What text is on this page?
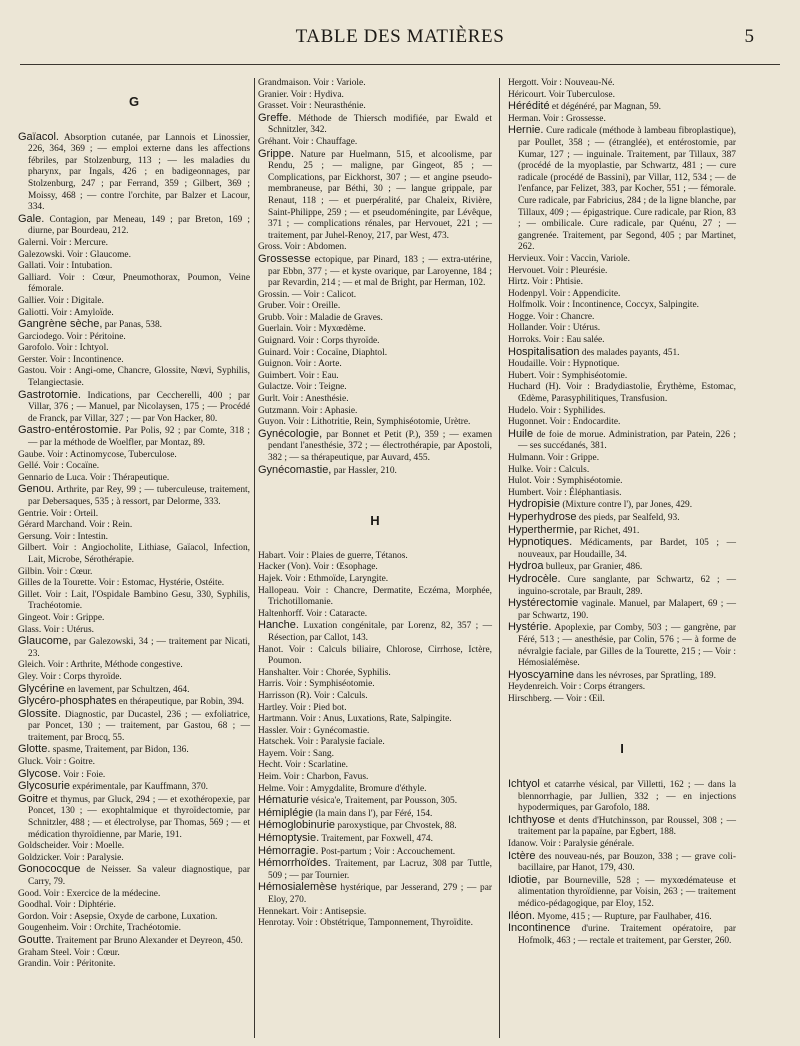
TABLE DES MATIÈRES	5
G

Gaïacol. Absorption cutanée, par Lannois et Linossier, 226, 364, 369 ; — emploi externe dans les affections fébriles, par Stolzenburg, 113 ; — les maladies du pharynx, par Ingals, 426 ; en badigeonnages, par Stolzenburg, 247 ; par Ferrand, 359 ; Gilbert, 369 ; Moissy, 468 ; — contre l'orchite, par Balzer et Lacour, 334.

Gale. Contagion, par Meneau, 149 ; par Breton, 169 ; diurne, par Bourdeau, 212.

Galerni. Voir : Mercure.

Galezowski. Voir : Glaucome.

Gallati. Voir : Intubation.

Galliard. Voir : Cœur, Pneumothorax, Poumon, Veine fémorale.

Gallier. Voir : Digitale.

Galiotti. Voir : Amyloïde.

Gangrène sèche, par Panas, 538.

Garciodego. Voir : Péritoine.

Garofolo. Voir : Ichtyol.

Gerster. Voir : Incontinence.

Gastou. Voir : Angi-ome, Chancre, Glossite, Nœvi, Syphilis, Telangiectasie.

Gastrotomie. Indications, par Ceccherelli, 400 ; par Villar, 376 ; — Manuel, par Nicolaysen, 175 ; — Procédé de Franck, par Villar, 327 ; — par Von Hacker, 80.

Gastro-entérostomie. Par Polis, 92 ; par Comte, 318 ; — par la méthode de Woelfler, par Montaz, 89.

Gaube. Voir : Actinomycose, Tuberculose.

Gellé. Voir : Cocaïne.

Gennario de Luca. Voir : Thérapeutique.

Genou. Arthrite, par Rey, 99 ; — tuberculeuse, traitement, par Debersaques, 535 ; à ressort, par Delorme, 333.

Gentrie. Voir : Orteil.

Gérard Marchand. Voir : Rein.

Gersung. Voir : Intestin.

Gilbert. Voir : Angiocholite, Lithiase, Gaïacol, Infection, Lait, Microbe, Sérothérapie.

Gilbin. Voir : Cœur.

Gilles de la Tourette. Voir : Estomac, Hystérie, Ostéite.

Gillet. Voir : Lait, l'Ospidale Bambino Gesu, 330, Syphilis, Trachéotomie.

Gingeot. Voir : Grippe.

Glass. Voir : Utérus.

Glaucome, par Galezowski, 34 ; — traitement par Nicati, 23.

Gleich. Voir : Arthrite, Méthode congestive.

Gley. Voir : Corps thyroïde.

Glycérine en lavement, par Schultzen, 464.

Glycéro-phosphates en thérapeutique, par Robin, 394.

Glossite. Diagnostic, par Ducastel, 236 ; — exfoliatrice, par Poncet, 130 ; — traitement, par Gastou, 68 ; — traitement, par Brocq, 55.

Glotte. spasme, Traitement, par Bidon, 136.

Gluck. Voir : Goitre.

Glycose. Voir : Foie.

Glycosurie expérimentale, par Kauffmann, 370.

Goitre et thymus, par Gluck, 294 ; — et exothéropexie, par Poncet, 130 ; — exophtalmique et thyroïdectomie, par Schnitzler, 488 ; — et électrolyse, par Thomas, 569 ; — et médication thyroïdienne, par Marie, 191.

Goldscheider. Voir : Moelle.

Goldzicker. Voir : Paralysie.

Gonococque de Neisser. Sa valeur diagnostique, par Carry, 79.

Good. Voir : Exercice de la médecine.

Goodhal. Voir : Diphtérie.

Gordon. Voir : Asepsie, Oxyde de carbone, Luxation.

Gougenheim. Voir : Orchite, Trachéotomie.

Goutte. Traitement par Bruno Alexander et Deyreon, 450.

Graham Steel. Voir : Cœur.

Grandin. Voir : Péritonite.

Grandmaison. Voir : Variole.

Granier. Voir : Hydiva.

Grasset. Voir : Neurasthénie.

Greffe. Méthode de Thiersch modifiée, par Ewald et Schnitzler, 342.

Gréhant. Voir : Chauffage.

Grippe. Nature par Huelmann, 515, et alcoolisme, par Rendu, 25 ; — maligne, par Gingeot, 85 ; — Complications, par Eickhorst, 307 ; — et angine pseudo-membraneuse, par Béthi, 30 ; — langue grippale, par Renaut, 118 ; — et puerpéralité, par Chaleix, Rivière, Saint-Philippe, 259 ; — et pseudoméningite, par Lévêque, 371 ; — complications rénales, par Hervouet, 221 ; — traitement, par Juhel-Renoy, 217, par West, 473.

Gross. Voir : Abdomen.

Grossesse ectopique, par Pinard, 183 ; — extra-utérine, par Ebbn, 377 ; — et kyste ovarique, par Laroyenne, 184 ; par Revardin, 214 ; — et mal de Bright, par Herman, 102.

Grossin. — Voir : Calicot.

Gruber. Voir : Oreille.

Grubb. Voir : Maladie de Graves.

Guerlain. Voir : Myxœdème.

Guignard. Voir : Corps thyroïde.

Guinard. Voir : Cocaïne, Diaphtol.

Guignon. Voir : Aorte.

Guimbert. Voir : Eau.

Gulactze. Voir : Teigne.

Gurlt. Voir : Anesthésie.

Gutzmann. Voir : Aphasie.

Guyon. Voir : Lithotritie, Rein, Symphiséotomie, Urètre.

Gynécologie, par Bonnet et Petit (P.), 359 ; — examen pendant l'anesthésie, 372 ; — électrothérapie, par Apostoli, 382 ; — sa thérapeutique, par Auvard, 455.

Gynécomastie, par Hassler, 210.

H

Habart. Voir : Plaies de guerre, Tétanos.

Hacker (Von). Voir : Œsophage.

Hajek. Voir : Ethmoïde, Laryngite.

Hallopeau. Voir : Chancre, Dermatite, Eczéma, Morphée, Trichotillomanie.

Haltenhorff. Voir : Cataracte.

Hanche. Luxation congénitale, par Lorenz, 82, 357 ; — Résection, par Callot, 143.

Hanot. Voir : Calculs biliaire, Chlorose, Cirrhose, Ictère, Poumon.

Hanshalter. Voir : Chorée, Syphilis.

Harris. Voir : Symphiséotomie.

Harrisson (R). Voir : Calculs.

Hartley. Voir : Pied bot.

Hartmann. Voir : Anus, Luxations, Rate, Salpingite.

Hassler. Voir : Gynécomastie.

Hatschek. Voir : Paralysie faciale.

Hayem. Voir : Sang.

Hecht. Voir : Scarlatine.

Heim. Voir : Charbon, Favus.

Helme. Voir : Amygdalite, Bromure d'éthyle.

Hématurie vésica'e, Traitement, par Pousson, 305.

Hémiplégie (la main dans l'), par Féré, 154.

Hémoglobinurie paroxystique, par Chvostek, 88.

Hémoptysie. Traitement, par Foxwell, 474.

Hémorragie. Post-partum ; Voir : Accouchement.

Hémorrhoïdes. Traitement, par Lacruz, 308 par Tuttle, 509 ; — par Tournier.

Hémosialemèse hystérique, par Jesserand, 279 ; — par Eloy, 270.

Hennekart. Voir : Antisepsie.

Henrotay. Voir : Obstétrique, Tamponnement, Thyroïdite.

Hergott. Voir : Nouveau-Né.

Héricourt. Voir Tuberculose.

Hérédité et dégénéré, par Magnan, 59.

Herman. Voir : Grossesse.

Hernie. Cure radicale (méthode à lambeau fibroplastique), par Poullet, 358 ; — (étranglée), et entérostomie, par Kumar, 127 ; — inguinale. Traitement, par Tillaux, 387 (procédé de la myoplastie, par Schwartz, 481 ; — cure radicale (procédé de Bassini), par Villar, 112, 534 ; — de l'enfance, par Felizet, 383, par Kocher, 551 ; — fémorale. Cure radicale, par Fabricius, 284 ; de la ligne blanche, par Tillaux, 409 ; — épigastrique. Cure radicale, par Rion, 83 ; — ombilicale. Cure radicale, par Quénu, 27 ; — gangrenée. Traitement, par Segond, 405 ; par Martinet, 262.

Hervieux. Voir : Vaccin, Variole.

Hervouet. Voir : Pleurésie.

Hirtz. Voir : Phtisie.

Hodenpyl. Voir : Appendicite.

Holfmolk. Voir : Incontinence, Coccyx, Salpingite.

Hogge. Voir : Chancre.

Hollander. Voir : Utérus.

Horroks. Voir : Eau salée.

Hospitalisation des malades payants, 451.

Houdaille. Voir : Hypnotique.

Hubert. Voir : Symphiséotomie.

Huchard (H). Voir : Bradydiastolie, Érythème, Estomac, Œdème, Parasyphilitiques, Transfusion.

Hudelo. Voir : Syphilides.

Hugonnet. Voir : Endocardite.

Huile de foie de morue. Administration, par Patein, 226 ; — ses succédanés, 381.

Hulmann. Voir : Grippe.

Hulke. Voir : Calculs.

Hulot. Voir : Symphiséotomie.

Humbert. Voir : Éléphantiasis.

Hydropisie (Mixture contre l'), par Jones, 429.

Hyperhydrose des pieds, par Sealfeld, 93.

Hyperthermie, par Richet, 491.

Hypnotiques. Médicaments, par Bardet, 105 ; — nouveaux, par Houdaille, 34.

Hydroa bulleux, par Granier, 486.

Hydrocèle. Cure sanglante, par Schwartz, 62 ; — inguino-scrotale, par Brault, 289.

Hystérectomie vaginale. Manuel, par Malapert, 69 ; — par Schwartz, 190.

Hystérie. Apoplexie, par Comby, 503 ; — gangrène, par Féré, 513 ; — anesthésie, par Colin, 576 ; — à forme de névralgie faciale, par Gilles de la Tourette, 215 ; — Voir : Hémosialémèse.

Hyoscyamine dans les névroses, par Spratling, 189.

Heydenreich. Voir : Corps étrangers.

Hirschberg. — Voir : Œil.

I

Ichtyol et catarrhe vésical, par Villetti, 162 ; — dans la blennorrhagie, par Jullien, 332 ; — en injections hypodermiques, par Garofolo, 188.

Ichthyose et dents d'Hutchinsson, par Roussel, 308 ; — traitement par la papaïne, par Egbert, 188.

Idanow. Voir : Paralysie générale.

Ictère des nouveau-nés, par Bouzon, 338 ; — grave coli-bacillaire, par Hanot, 179, 430.

Idiotie, par Bourneville, 528 ; — myxœdémateuse et alimentation thyroïdienne, par Voisin, 263 ; — traitement médico-pédagogique, par Eloy, 152.

Iléon. Myome, 415 ; — Rupture, par Faulhaber, 416.

Incontinence d'urine. Traitement opératoire, par Hofmolk, 463 ; — rectale et traitement, par Gerster, 260.
